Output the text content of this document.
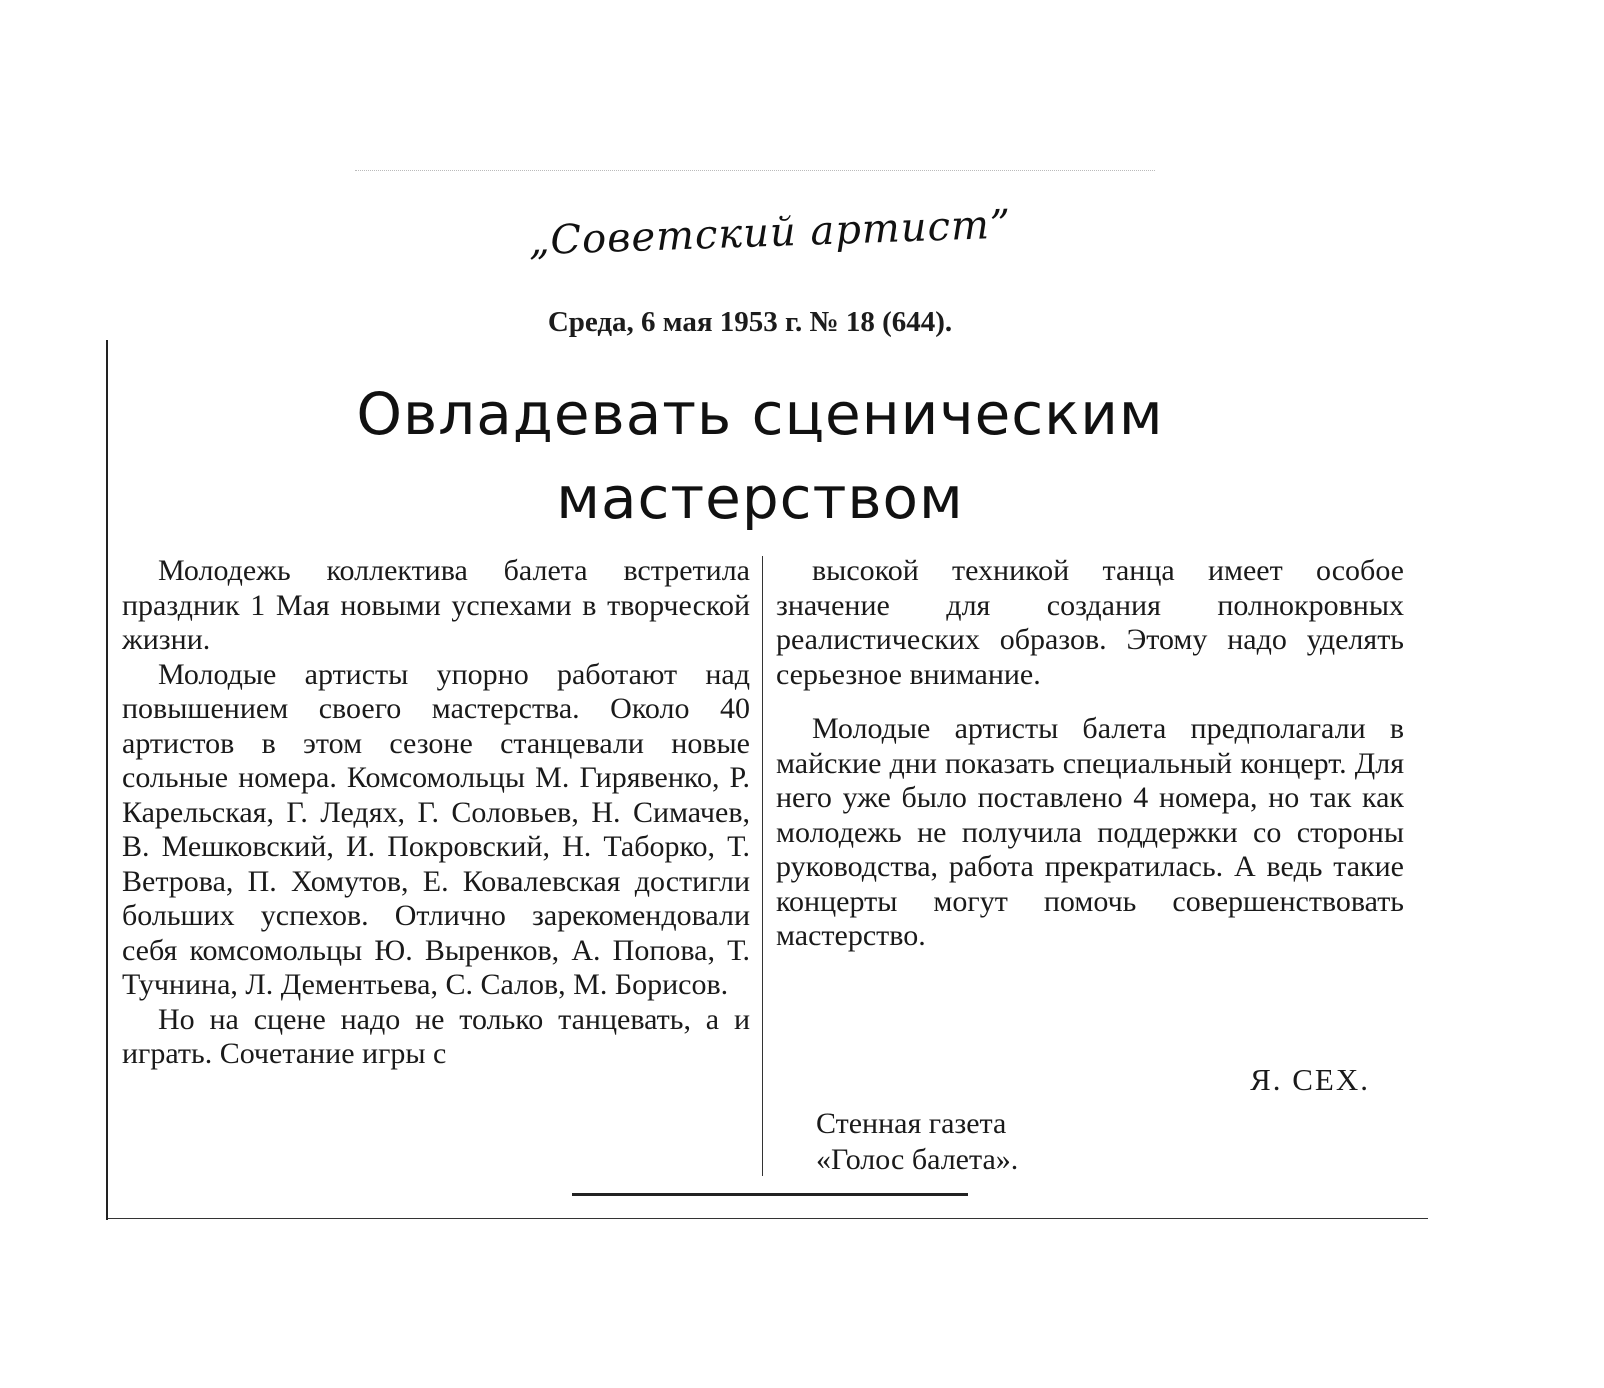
„Советский артист”
Среда, 6 мая 1953 г. № 18 (644).
Овладевать сценическим
мастерством

Молодежь коллектива балета встретила праздник 1 Мая новыми успехами в творческой жизни.

Молодые артисты упорно работают над повышением своего мастерства. Около 40 артистов в этом сезоне станцевали новые сольные номера. Комсомольцы М. Гирявенко, Р. Карельская, Г. Ледях, Г. Соловьев, Н. Симачев, В. Мешковский, И. Покровский, Н. Таборко, Т. Ветрова, П. Хомутов, Е. Ковалевская достигли больших успехов. Отлично зарекомендовали себя комсомольцы Ю. Выренков, А. Попова, Т. Тучнина, Л. Дементьева, С. Салов, М. Борисов.

Но на сцене надо не только танцевать, а и играть. Сочетание игры с

высокой техникой танца имеет особое значение для создания полнокровных реалистических образов. Этому надо уделять серьезное внимание.

Молодые артисты балета предполагали в майские дни показать специальный концерт. Для него уже было поставлено 4 номера, но так как молодежь не получила поддержки со стороны руководства, работа прекратилась. А ведь такие концерты могут помочь совершенствовать мастерство.

Я. СЕХ.
Стенная газета
«Голос балета».
